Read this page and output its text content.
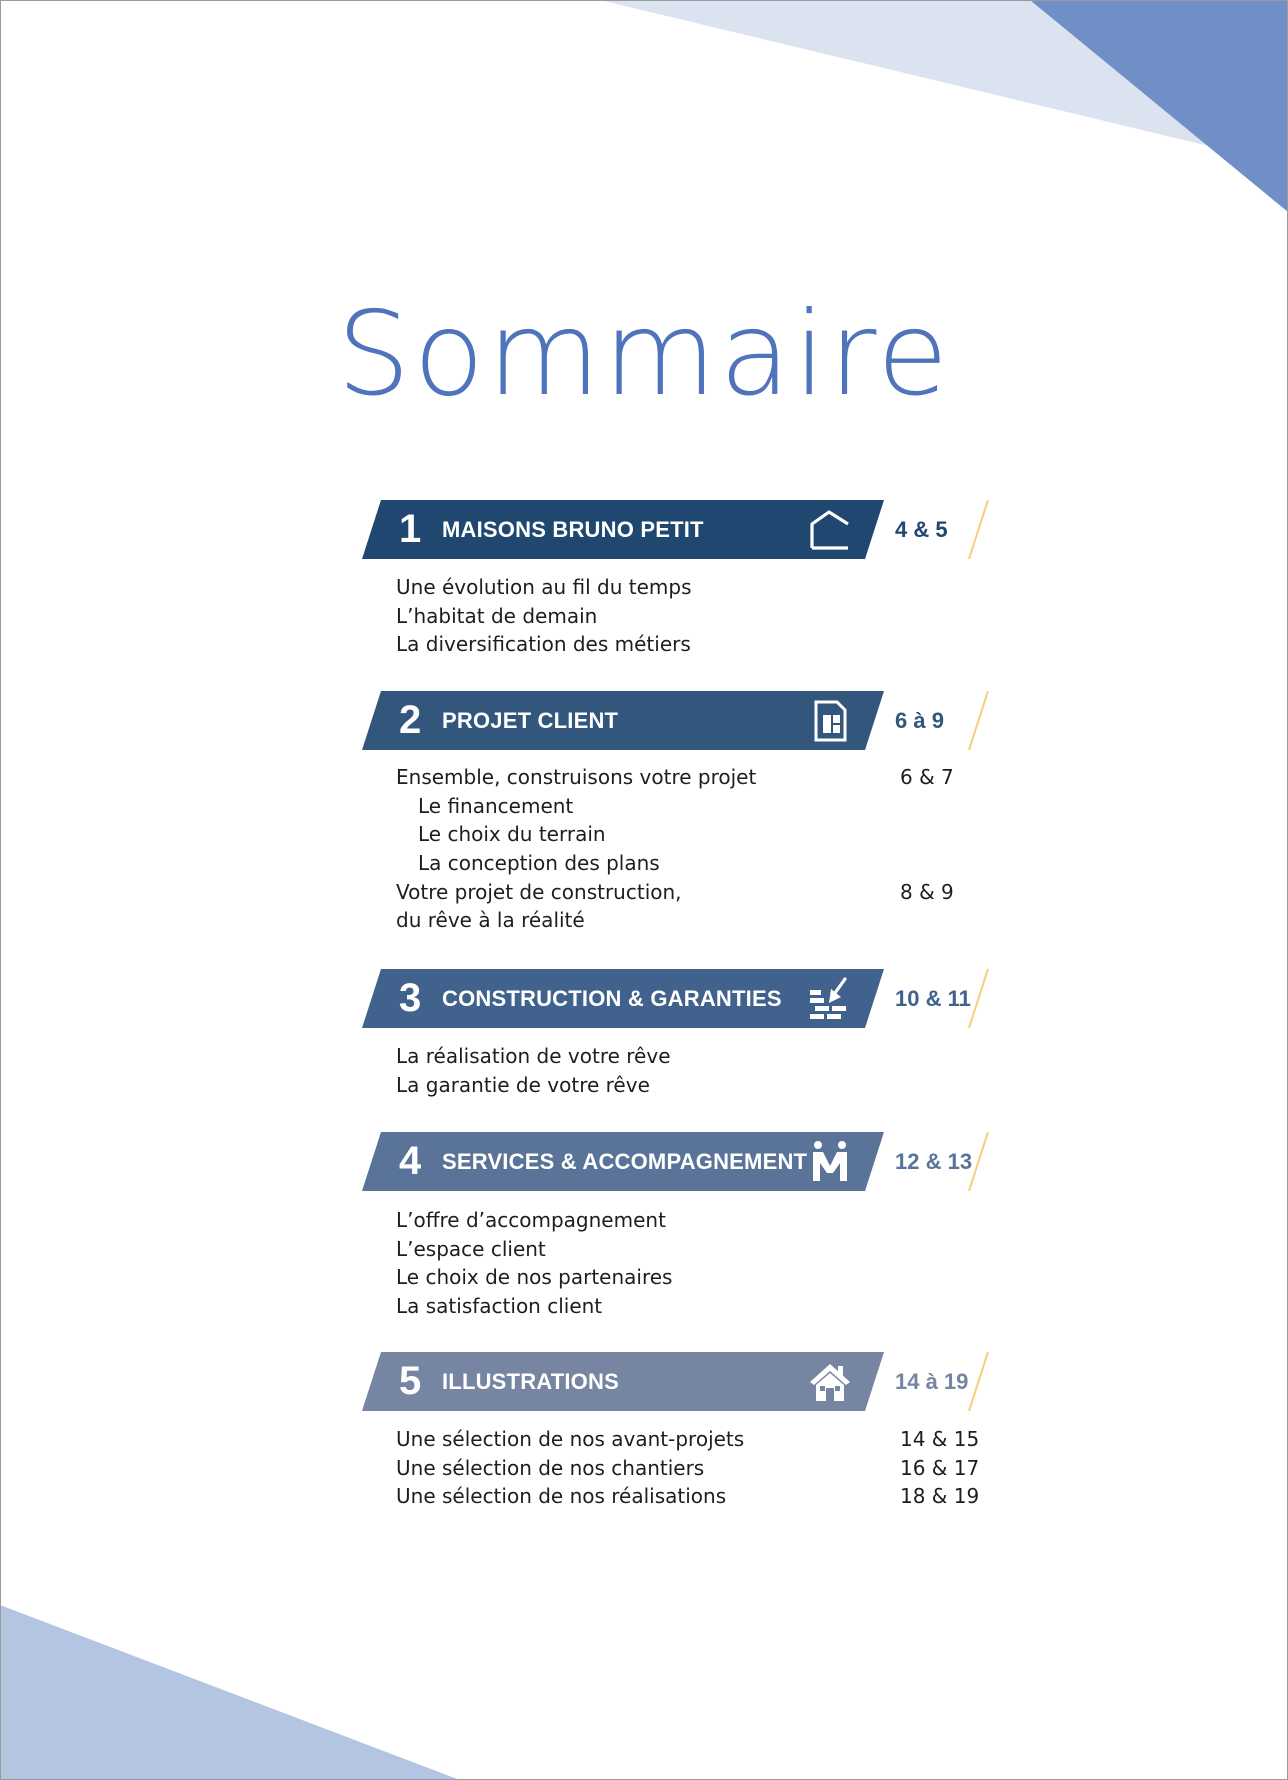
Sommaire
1 MAISONS BRUNO PETIT	4 & 5
Une évolution au fil du temps
L’habitat de demain
La diversification des métiers
2 PROJET CLIENT	6 à 9
Ensemble, construisons votre projet	6 & 7
Le financement
Le choix du terrain
La conception des plans
Votre projet de construction,	8 & 9
du rêve à la réalité
3 CONSTRUCTION & GARANTIES	10 & 11
La réalisation de votre rêve
La garantie de votre rêve
4 SERVICES & ACCOMPAGNEMENT	12 & 13
L’offre d’accompagnement
L’espace client
Le choix de nos partenaires
La satisfaction client
5 ILLUSTRATIONS	14 à 19
Une sélection de nos avant-projets	14 & 15
Une sélection de nos chantiers	16 & 17
Une sélection de nos réalisations	18 & 19
